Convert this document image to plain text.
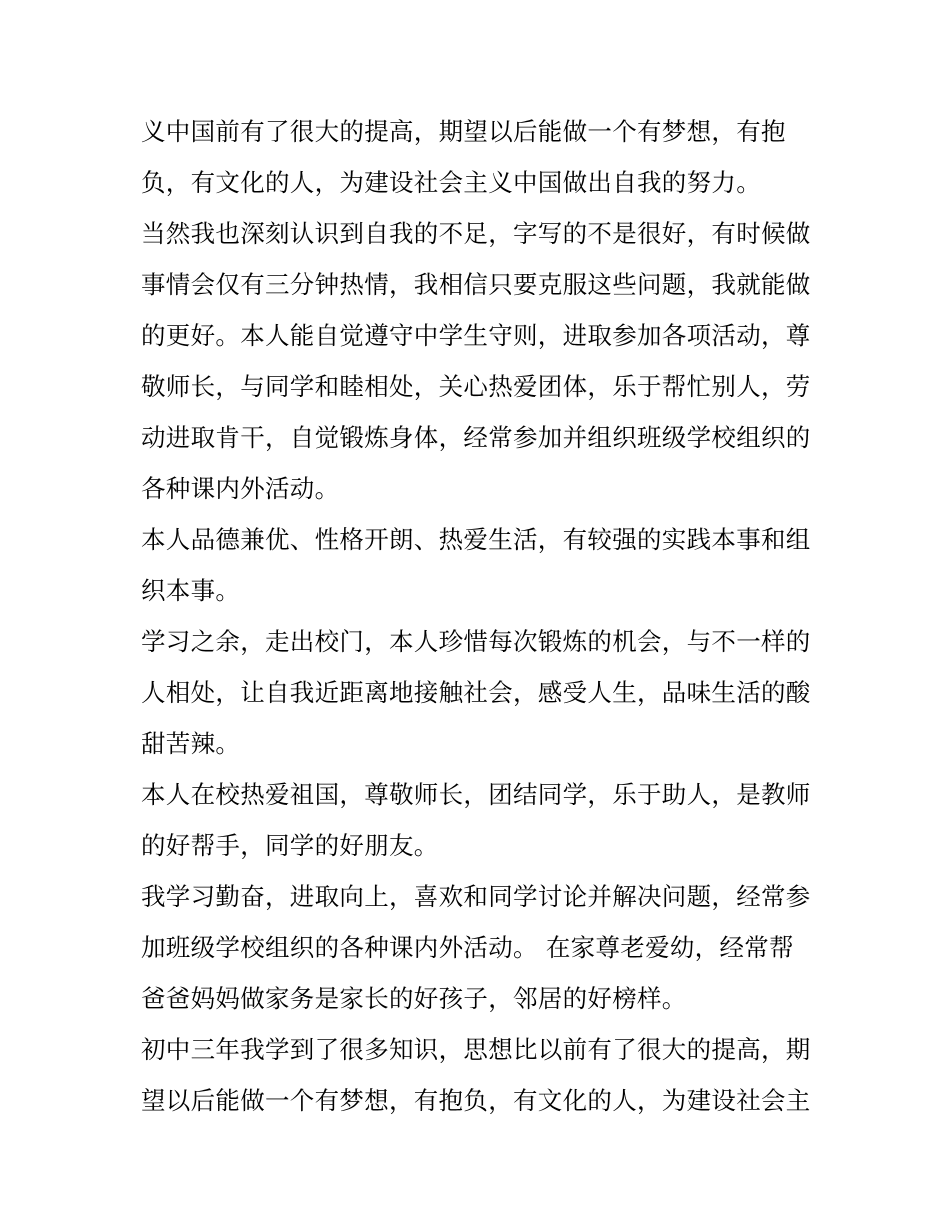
义中国前有了很大的提高，期望以后能做一个有梦想，有抱
负，有文化的人，为建设社会主义中国做出自我的努力。
当然我也深刻认识到自我的不足，字写的不是很好，有时候做
事情会仅有三分钟热情，我相信只要克服这些问题，我就能做
的更好。本人能自觉遵守中学生守则，进取参加各项活动，尊
敬师长，与同学和睦相处，关心热爱团体，乐于帮忙别人，劳
动进取肯干，自觉锻炼身体，经常参加并组织班级学校组织的
各种课内外活动。
本人品德兼优、性格开朗、热爱生活，有较强的实践本事和组
织本事。
学习之余，走出校门，本人珍惜每次锻炼的机会，与不一样的
人相处，让自我近距离地接触社会，感受人生，品味生活的酸
甜苦辣。
本人在校热爱祖国，尊敬师长，团结同学，乐于助人，是教师
的好帮手，同学的好朋友。
我学习勤奋，进取向上，喜欢和同学讨论并解决问题，经常参
加班级学校组织的各种课内外活动。 在家尊老爱幼，经常帮
爸爸妈妈做家务是家长的好孩子，邻居的好榜样。
初中三年我学到了很多知识，思想比以前有了很大的提高，期
望以后能做一个有梦想，有抱负，有文化的人，为建设社会主
